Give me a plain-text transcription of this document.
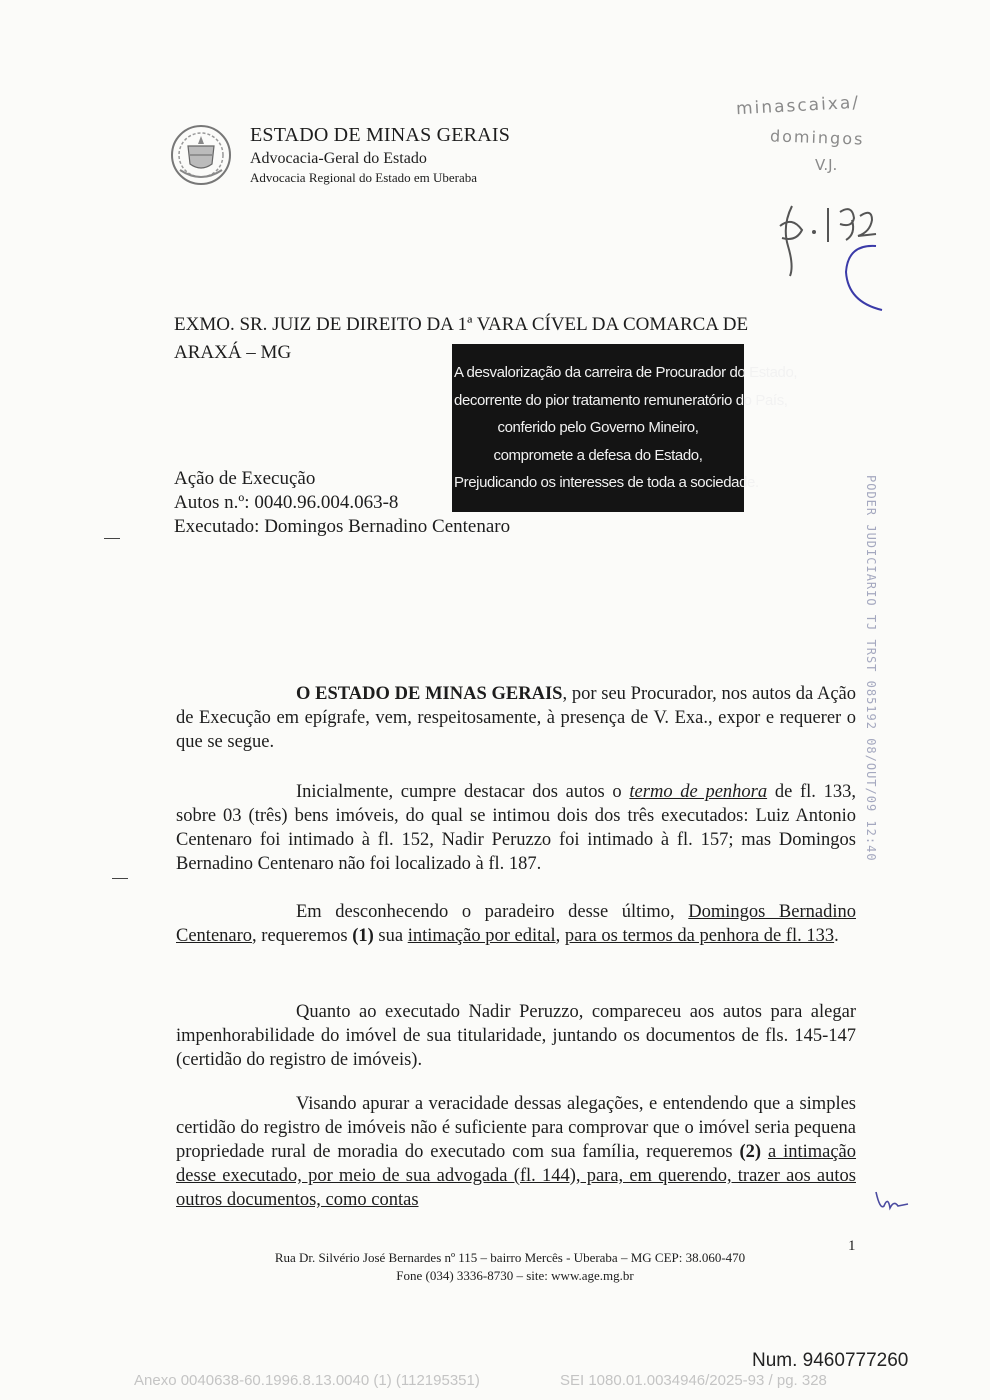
ESTADO DE MINAS GERAIS
Advocacia-Geral do Estado
Advocacia Regional do Estado em Uberaba
minascaixa/
domingos
V.J.
EXMO. SR. JUIZ DE DIREITO DA 1ª VARA CÍVEL DA COMARCA DE
ARAXÁ – MG
A desvalorização da carreira de Procurador do Estado,
decorrente do pior tratamento remuneratório do País,
conferido pelo Governo Mineiro,
compromete a defesa do Estado,
Prejudicando os interesses de toda a sociedade.
Ação de Execução
Autos n.º: 0040.96.004.063-8
Executado: Domingos Bernadino Centenaro	PODER JUDICIARIO TJ TRST 085192 08/OUT/09 12:40
O ESTADO DE MINAS GERAIS, por seu Procurador, nos autos da Ação de Execução em epígrafe, vem, respeitosamente, à presença de V. Exa., expor e requerer o que se segue.
Inicialmente, cumpre destacar dos autos o termo de penhora de fl. 133, sobre 03 (três) bens imóveis, do qual se intimou dois dos três executados: Luiz Antonio Centenaro foi intimado à fl. 152, Nadir Peruzzo foi intimado à fl. 157; mas Domingos Bernadino Centenaro não foi localizado à fl. 187.
Em desconhecendo o paradeiro desse último, Domingos Bernadino Centenaro, requeremos (1) sua intimação por edital, para os termos da penhora de fl. 133.
Quanto ao executado Nadir Peruzzo, compareceu aos autos para alegar impenhorabilidade do imóvel de sua titularidade, juntando os documentos de fls. 145-147 (certidão do registro de imóveis).
Visando apurar a veracidade dessas alegações, e entendendo que a simples certidão do registro de imóveis não é suficiente para comprovar que o imóvel seria pequena propriedade rural de moradia do executado com sua família, requeremos (2) a intimação desse executado, por meio de sua advogada (fl. 144), para, em querendo, trazer aos autos outros documentos, como contas
1
Rua Dr. Silvério José Bernardes nº 115 – bairro Mercês - Uberaba – MG CEP: 38.060-470
Fone (034) 3336-8730 – site: www.age.mg.br
Num. 9460777260
Anexo 0040638-60.1996.8.13.0040 (1) (112195351)	SEI 1080.01.0034946/2025-93 / pg. 328
